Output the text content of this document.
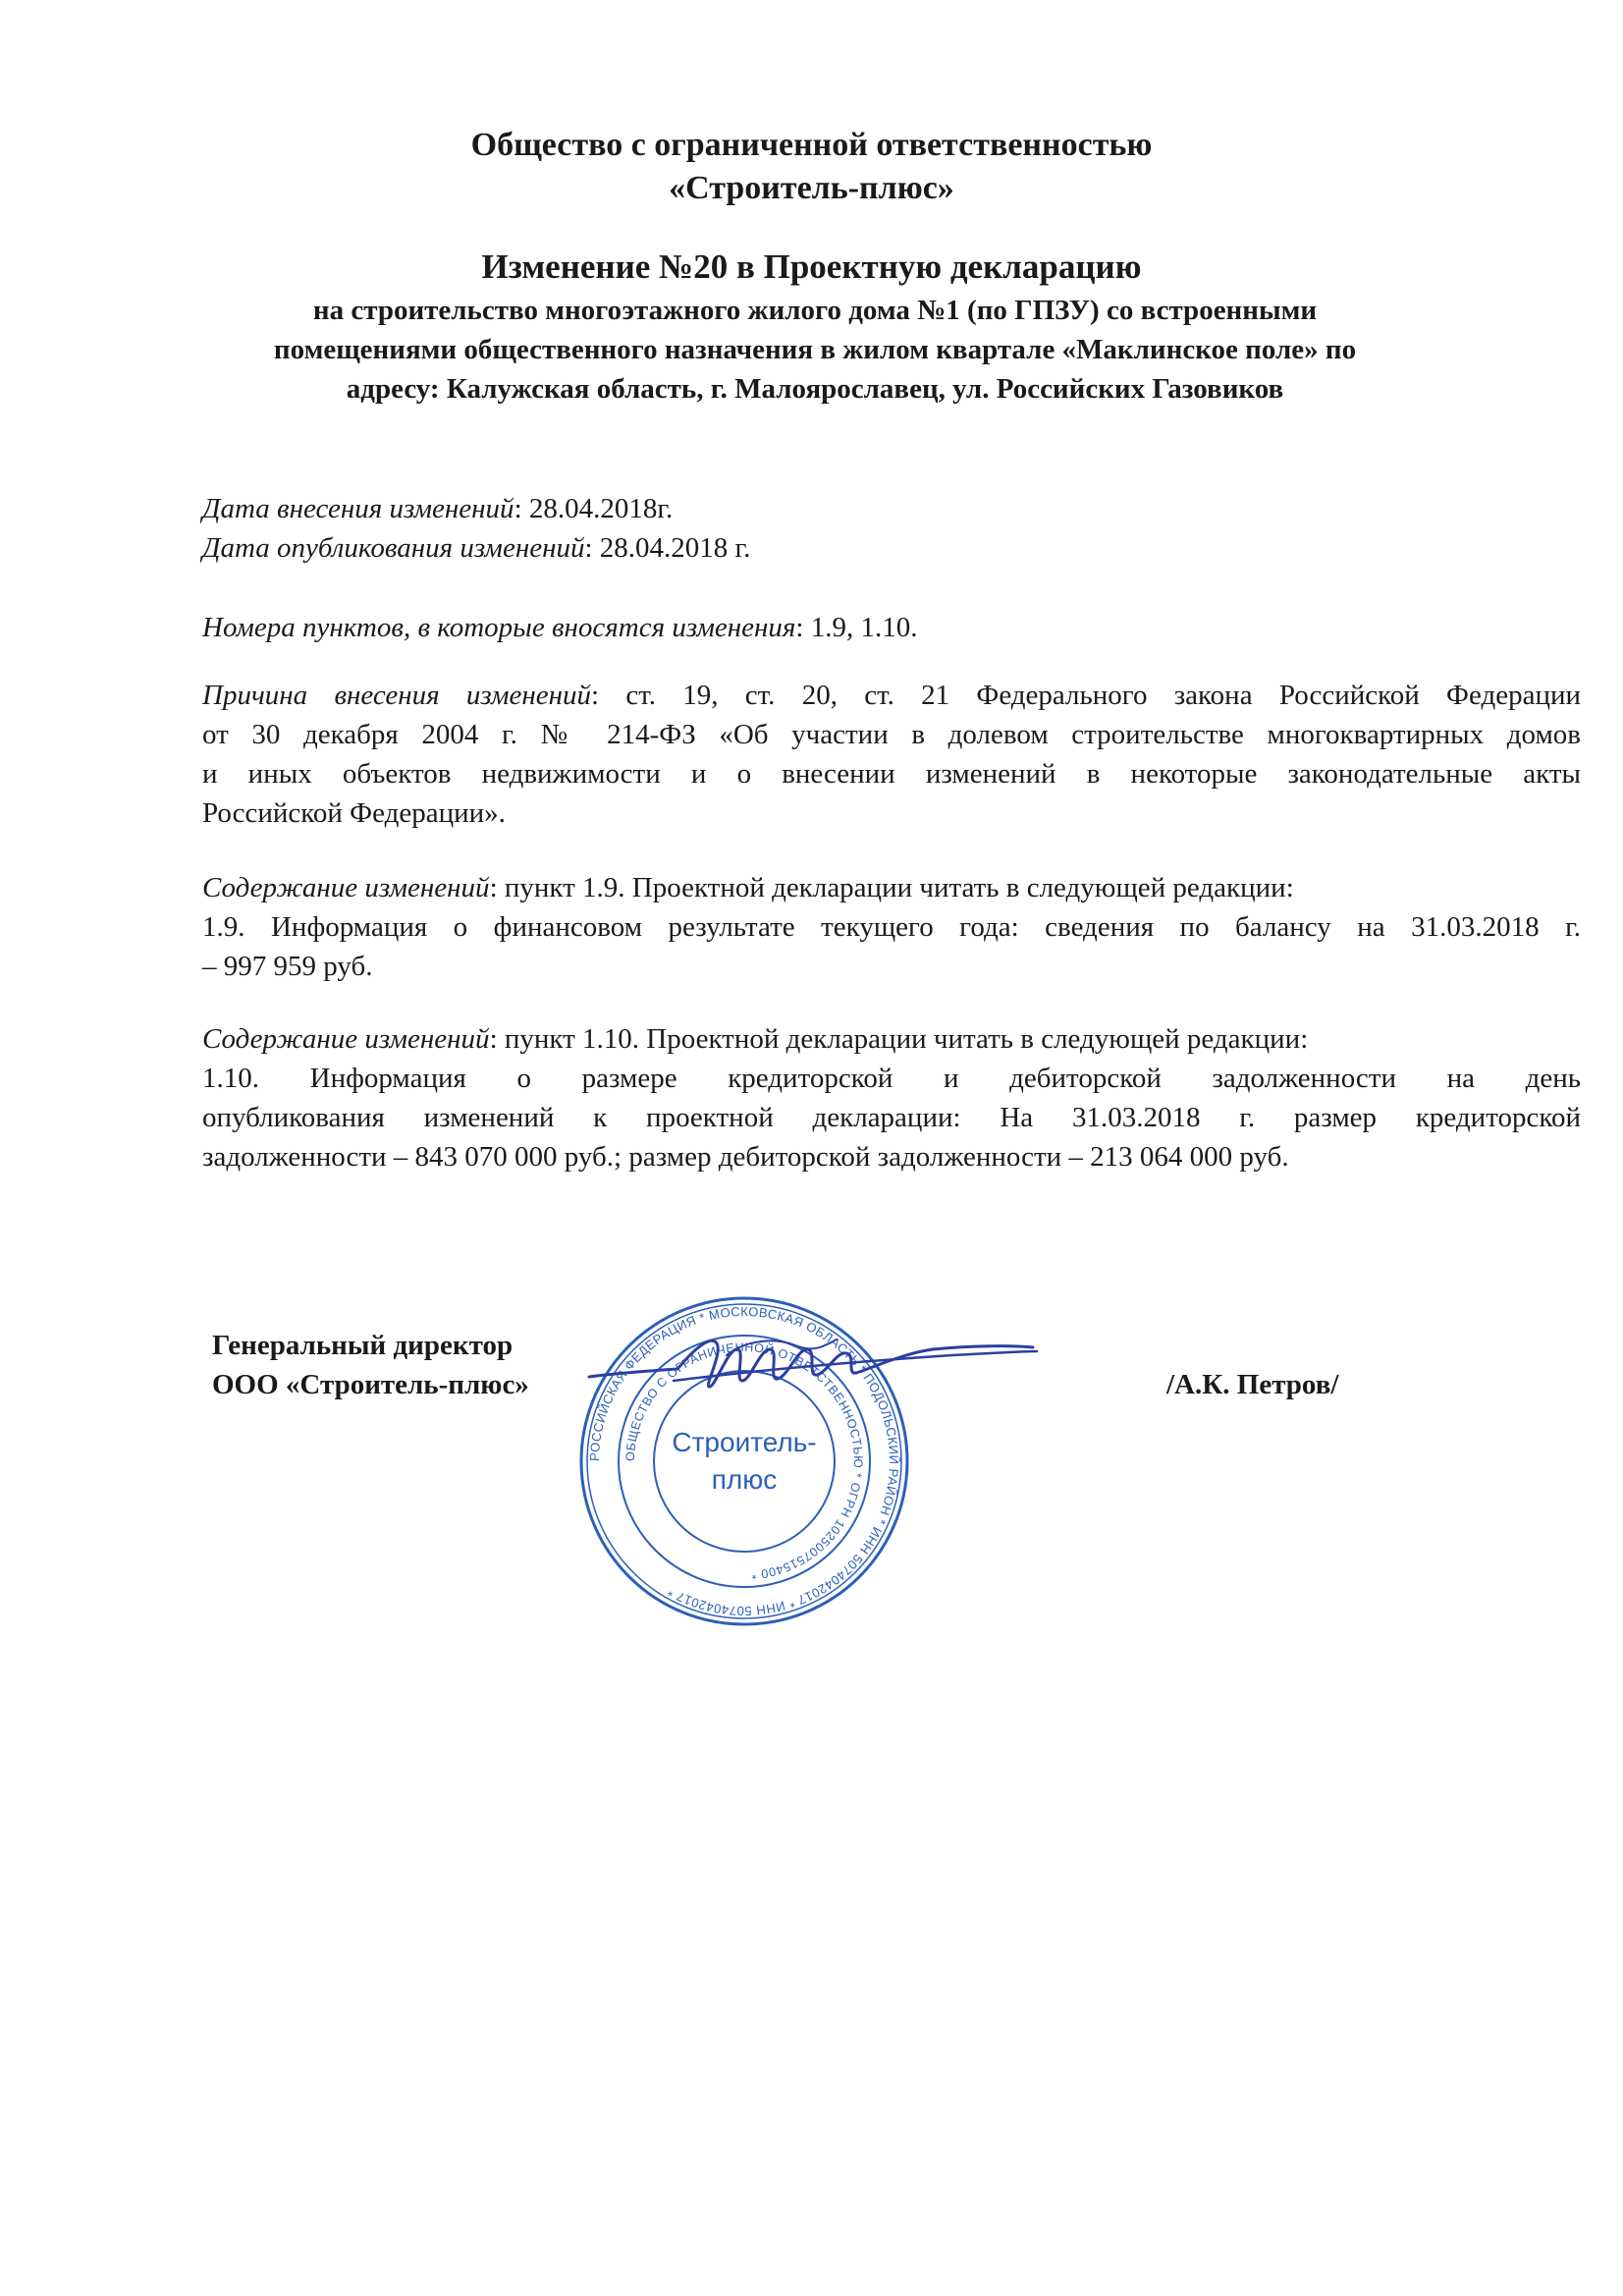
Общество с ограниченной ответственностью
«Строитель-плюс»
Изменение №20 в Проектную декларацию
на строительство многоэтажного жилого дома №1 (по ГПЗУ) со встроенными
помещениями общественного назначения в жилом квартале «Маклинское поле» по
адресу: Калужская область, г. Малоярославец, ул. Российских Газовиков
Дата внесения изменений: 28.04.2018г.
Дата опубликования изменений: 28.04.2018 г.
Номера пунктов, в которые вносятся изменения: 1.9, 1.10.
Причина внесения изменений: ст. 19, ст. 20, ст. 21 Федерального закона Российской Федерации
от 30 декабря 2004 г. № 214-ФЗ «Об участии в долевом строительстве многоквартирных домов
и иных объектов недвижимости и о внесении изменений в некоторые законодательные акты
Российской Федерации».
Содержание изменений: пункт 1.9. Проектной декларации читать в следующей редакции:
1.9. Информация о финансовом результате текущего года: сведения по балансу на 31.03.2018 г.
– 997 959 руб.
Содержание изменений: пункт 1.10. Проектной декларации читать в следующей редакции:
1.10. Информация о размере кредиторской и дебиторской задолженности на день
опубликования изменений к проектной декларации: На 31.03.2018 г. размер кредиторской
задолженности – 843 070 000 руб.; размер дебиторской задолженности – 213 064 000 руб.
Генеральный директор
ООО «Строитель-плюс»	/А.К. Петров/
РОССИЙСКАЯ ФЕДЕРАЦИЯ * МОСКОВСКАЯ ОБЛАСТЬ * ПОДОЛЬСКИЙ РАЙОН * ИНН 5074042017 * ИНН 5074042017 *
ОБЩЕСТВО С ОГРАНИЧЕННОЙ ОТВЕТСТВЕННОСТЬЮ * ОГРН 1025007515400 *
Строитель-
плюс
